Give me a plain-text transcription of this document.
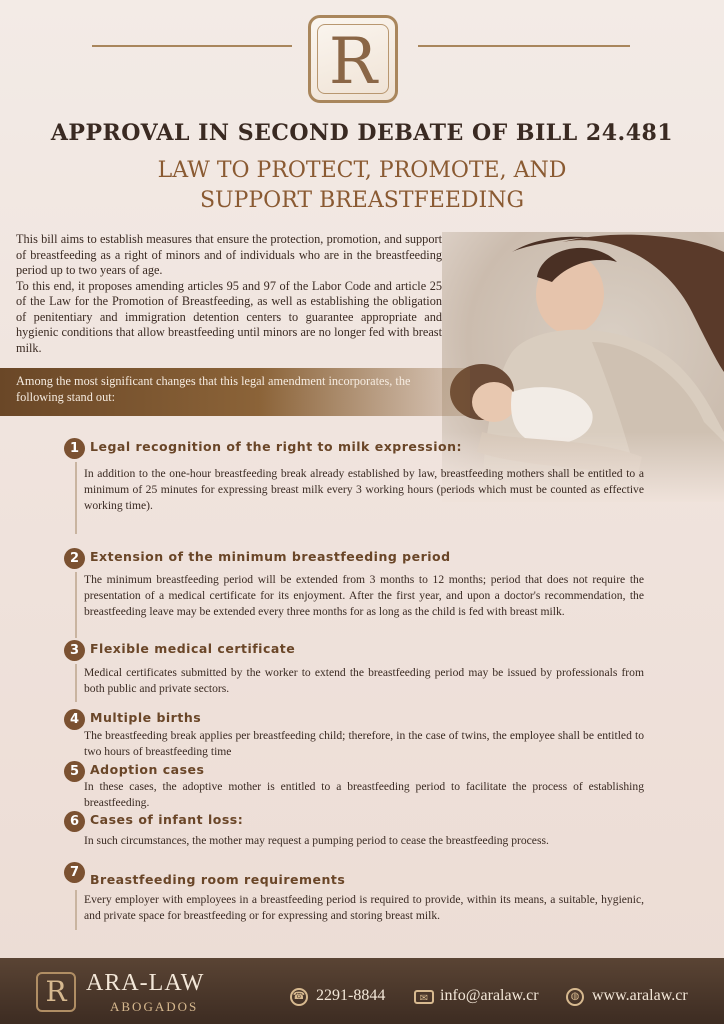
R
APPROVAL IN SECOND DEBATE OF BILL 24.481
LAW TO PROTECT, PROMOTE, AND
SUPPORT BREASTFEEDING

This bill aims to establish measures that ensure the protection, promotion, and support of breastfeeding as a right of minors and of individuals who are in the breastfeeding period up to two years of age.

To this end, it proposes amending articles 95 and 97 of the Labor Code and article 25 of the Law for the Promotion of Breastfeeding, as well as establishing the obligation of penitentiary and immigration detention centers to guarantee appropriate and hygienic conditions that allow breastfeeding until minors are no longer fed with breast milk.

Among the most significant changes that this legal amendment incorporates, the following stand out:
1 Legal recognition of the right to milk expression:

In addition to the one-hour breastfeeding break already established by law, breastfeeding mothers shall be entitled to a minimum of 25 minutes for expressing breast milk every 3 working hours (periods which must be counted as effective working time).

2 Extension of the minimum breastfeeding period

The minimum breastfeeding period will be extended from 3 months to 12 months; period that does not require the presentation of a medical certificate for its enjoyment. After the first year, and upon a doctor's recommendation, the breastfeeding leave may be extended every three months for as long as the child is fed with breast milk.

3 Flexible medical certificate

Medical certificates submitted by the worker to extend the breastfeeding period may be issued by professionals from both public and private sectors.

4 Multiple births

The breastfeeding break applies per breastfeeding child; therefore, in the case of twins, the employee shall be entitled to two hours of breastfeeding time

5 Adoption cases

In these cases, the adoptive mother is entitled to a breastfeeding period to facilitate the process of establishing breastfeeding.

6 Cases of infant loss:

In such circumstances, the mother may request a pumping period to cease the breastfeeding process.

7 Breastfeeding room requirements

Every employer with employees in a breastfeeding period is required to provide, within its means, a suitable, hygienic, and private space for breastfeeding or for expressing and storing breast milk.

R ARA-LAW
ABOGADOS
☎ 2291-8844	✉ info@aralaw.cr	◍ www.aralaw.cr
